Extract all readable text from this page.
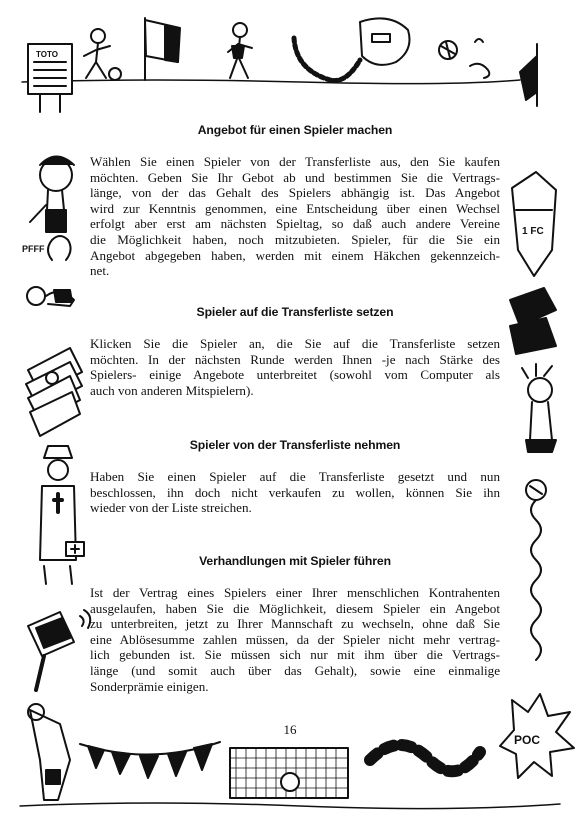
TOTO
PFFF
1 FC
POC
Angebot für einen Spieler machen

Wählen Sie einen Spieler von der Transferliste aus, den Sie kaufen
möchten. Geben Sie Ihr Gebot ab und bestimmen Sie die Vertrags-
länge, von der das Gehalt des Spielers abhängig ist. Das Angebot
wird zur Kenntnis genommen, eine Entscheidung über einen Wechsel
erfolgt aber erst am nächsten Spieltag, so daß auch andere Vereine
die Möglichkeit haben, noch mitzubieten. Spieler, für die Sie ein
Angebot abgegeben haben, werden mit einem Häkchen gekennzeich-
net.

Spieler auf die Transferliste setzen

Klicken Sie die Spieler an, die Sie auf die Transferliste setzen
möchten. In der nächsten Runde werden Ihnen -je nach Stärke des
Spielers- einige Angebote unterbreitet (sowohl vom Computer als
auch von anderen Mitspielern).

Spieler von der Transferliste nehmen

Haben Sie einen Spieler auf die Transferliste gesetzt und nun
beschlossen, ihn doch nicht verkaufen zu wollen, können Sie ihn
wieder von der Liste streichen.

Verhandlungen mit Spieler führen

Ist der Vertrag eines Spielers einer Ihrer menschlichen Kontrahenten
ausgelaufen, haben Sie die Möglichkeit, diesem Spieler ein Angebot
zu unterbreiten, jetzt zu Ihrer Mannschaft zu wechseln, ohne daß Sie
eine Ablösesumme zahlen müssen, da der Spieler nicht mehr vertrag-
lich gebunden ist. Sie müssen sich nur mit ihm über die Vertrags-
länge (und somit auch über das Gehalt), sowie eine einmalige
Sonderprämie einigen.

16
